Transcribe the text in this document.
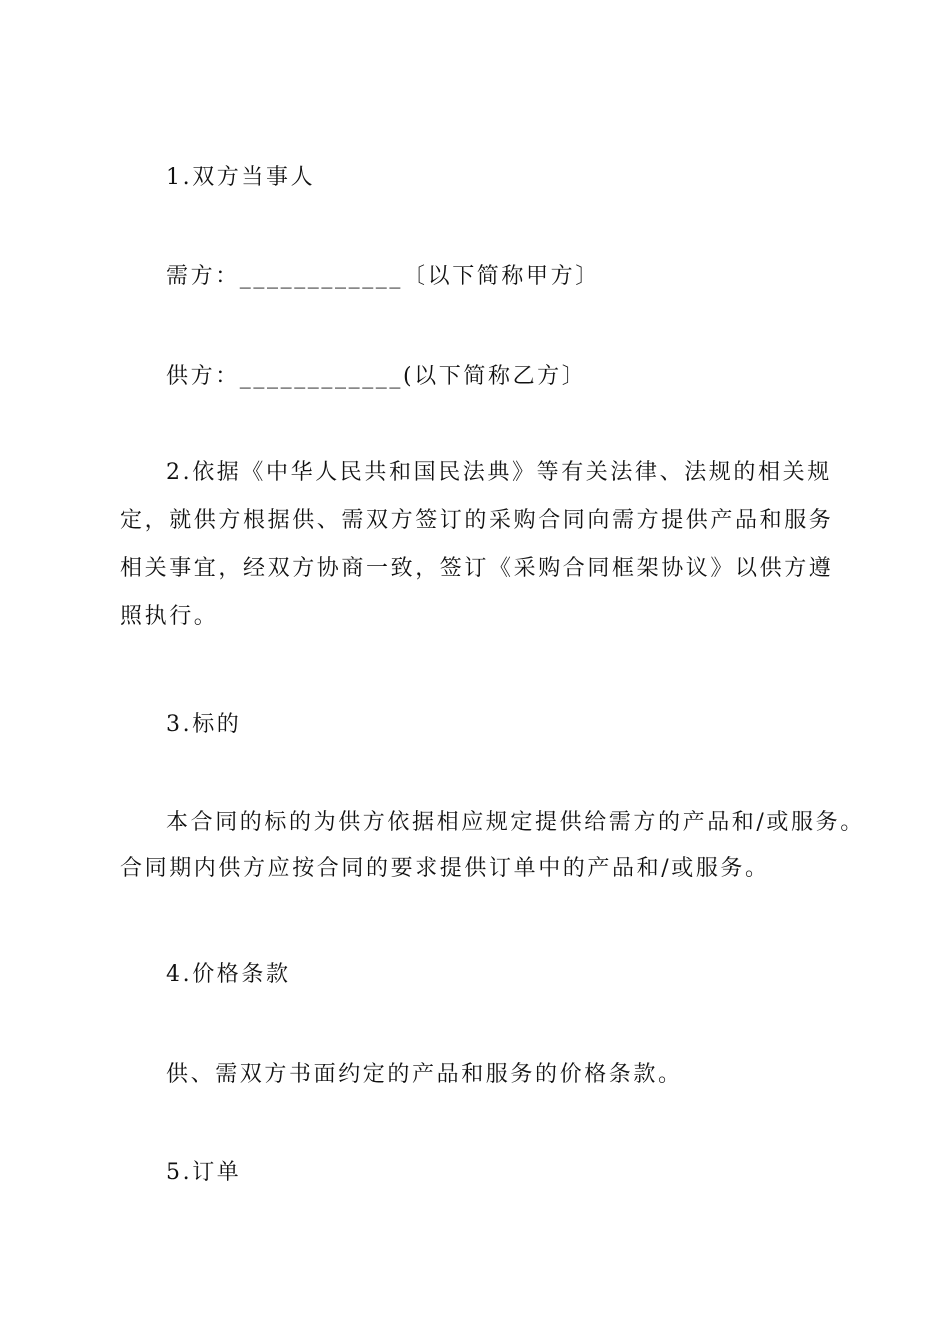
1.双方当事人
需方：____________〔以下简称甲方〕
供方：____________(以下简称乙方〕
2.依据《中华人民共和国民法典》等有关法律、法规的相关规
定，就供方根据供、需双方签订的采购合同向需方提供产品和服务
相关事宜，经双方协商一致，签订《采购合同框架协议》以供方遵
照执行。
3.标的
本合同的标的为供方依据相应规定提供给需方的产品和/或服务。
合同期内供方应按合同的要求提供订单中的产品和/或服务。
4.价格条款
供、需双方书面约定的产品和服务的价格条款。
5.订单
